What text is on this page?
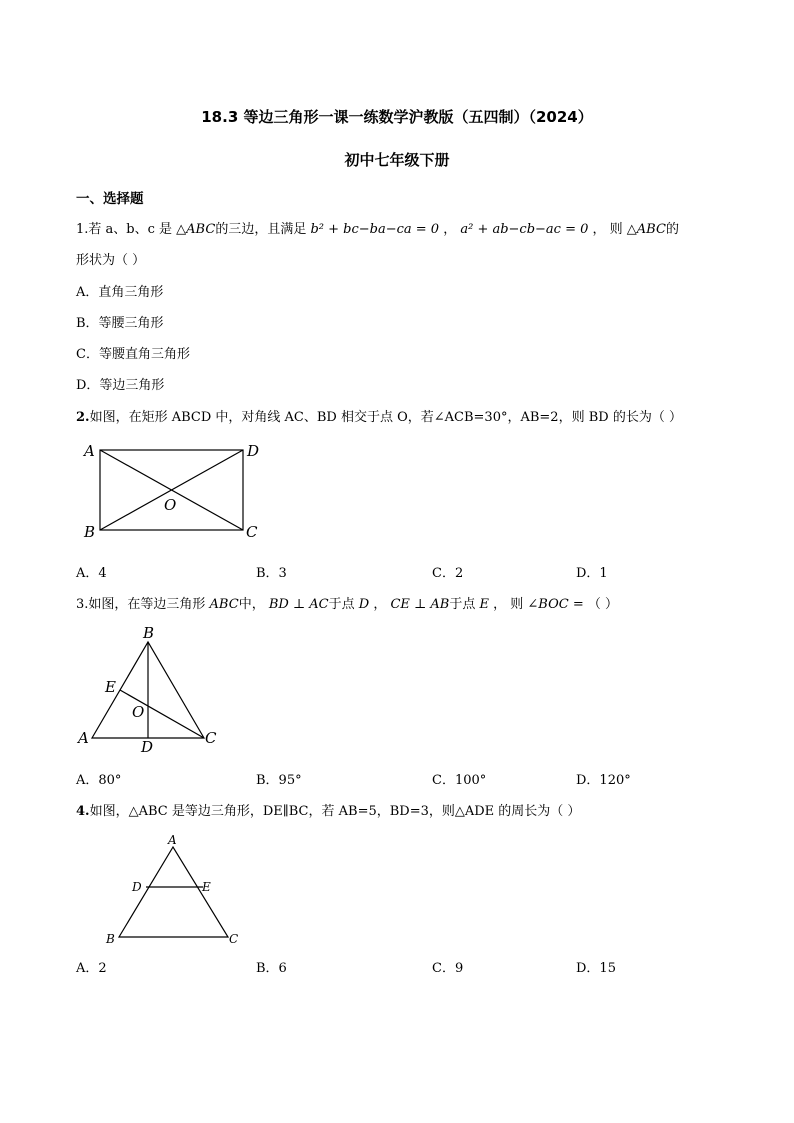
18.3 等边三角形一课一练数学沪教版（五四制）（2024）
初中七年级下册
一、选择题
1.若 a、b、c 是 △ABC的三边，且满足 b² + bc−ba−ca = 0 ， a² + ab−cb−ac = 0 ， 则 △ABC的
形状为（ ）
A．直角三角形
B．等腰三角形
C．等腰直角三角形
D．等边三角形
2.如图，在矩形 ABCD 中，对角线 AC、BD 相交于点 O，若∠ACB=30°，AB=2，则 BD 的长为（ ）
A	D
B	C
O
A．4	B．3	C．2	D．1
3.如图，在等边三角形 ABC中， BD ⊥ AC于点 D ， CE ⊥ AB于点 E ， 则 ∠BOC = （ ）
B
E
O
A	C
D
A．80°	B．95°	C．100°	D．120°
4.如图，△ABC 是等边三角形，DE∥BC，若 AB=5，BD=3，则△ADE 的周长为（ ）
A
D	E
B	C
A．2	B．6	C．9	D．15
